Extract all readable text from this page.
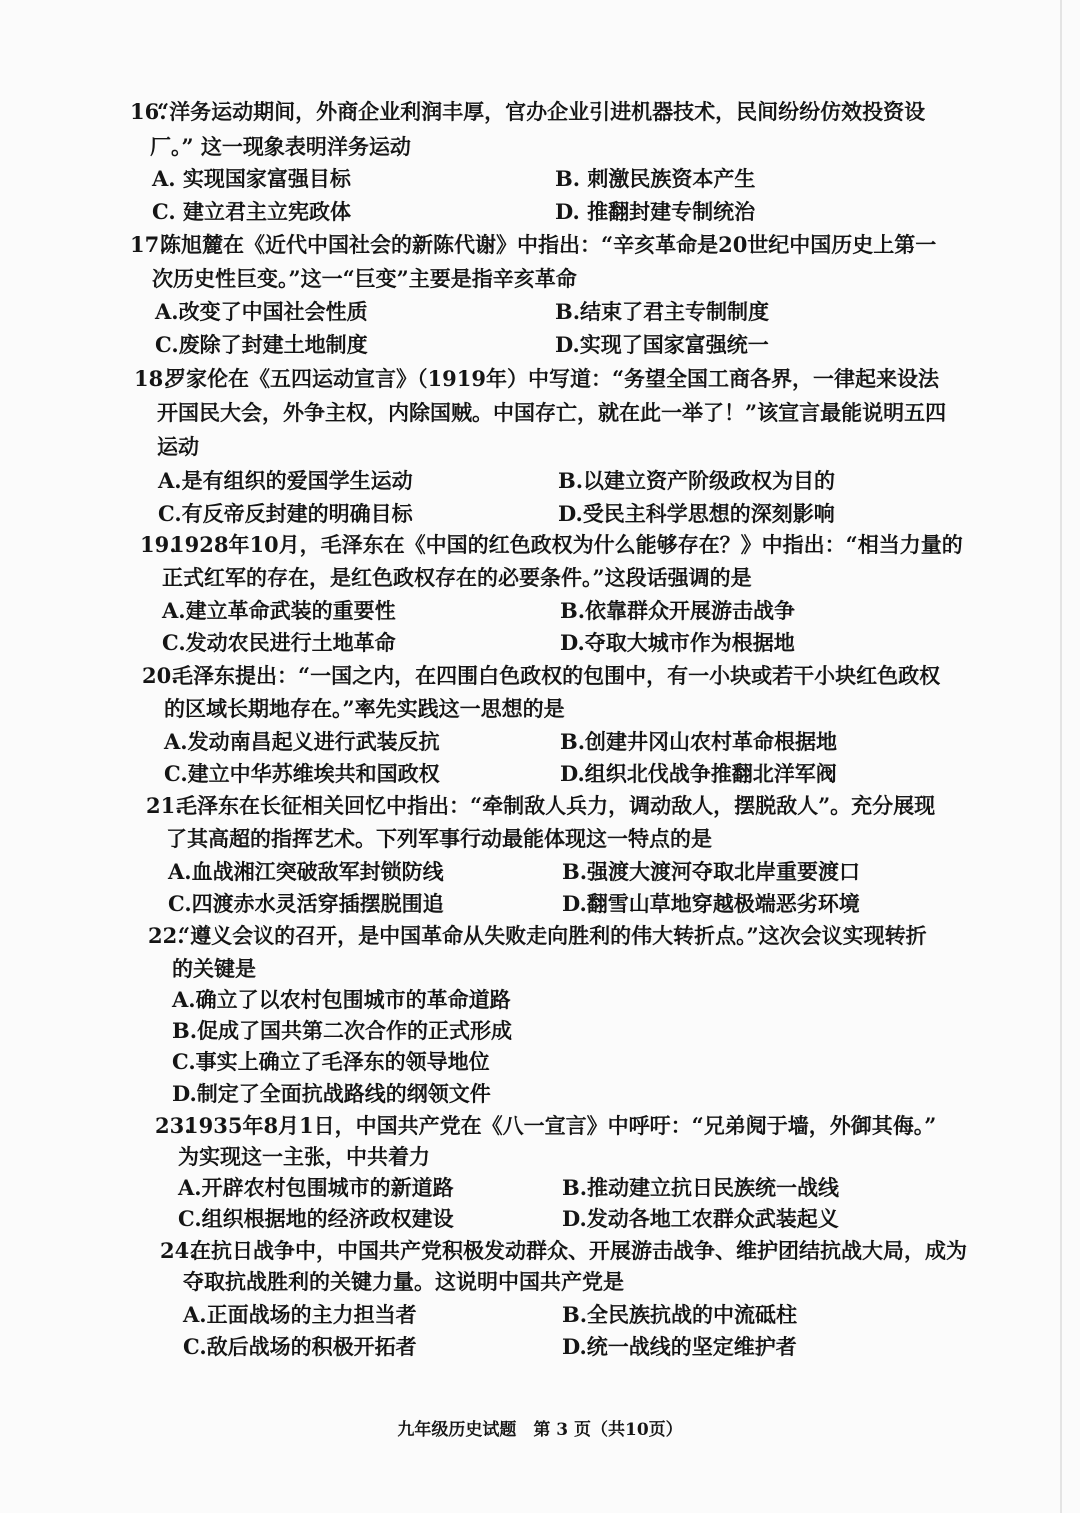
16.
“洋务运动期间，外商企业利润丰厚，官办企业引进机器技术，民间纷纷仿效投资设
厂。” 这一现象表明洋务运动
A. 实现国家富强目标	B. 刺激民族资本产生
C. 建立君主立宪政体	D. 推翻封建专制统治
17.
陈旭麓在《近代中国社会的新陈代谢》中指出：“辛亥革命是20世纪中国历史上第一
次历史性巨变。”这一“巨变”主要是指辛亥革命
A.改变了中国社会性质	B.结束了君主专制制度
C.废除了封建土地制度	D.实现了国家富强统一
18.
罗家伦在《五四运动宣言》（1919年）中写道：“务望全国工商各界，一律起来设法
开国民大会，外争主权，内除国贼。中国存亡，就在此一举了！”该宣言最能说明五四
运动
A.是有组织的爱国学生运动	B.以建立资产阶级政权为目的
C.有反帝反封建的明确目标	D.受民主科学思想的深刻影响
19.
1928年10月，毛泽东在《中国的红色政权为什么能够存在？》中指出：“相当力量的
正式红军的存在，是红色政权存在的必要条件。”这段话强调的是
A.建立革命武装的重要性	B.依靠群众开展游击战争
C.发动农民进行土地革命	D.夺取大城市作为根据地
20.
毛泽东提出：“一国之内，在四围白色政权的包围中，有一小块或若干小块红色政权
的区域长期地存在。”率先实践这一思想的是
A.发动南昌起义进行武装反抗	B.创建井冈山农村革命根据地
C.建立中华苏维埃共和国政权	D.组织北伐战争推翻北洋军阀
21.
毛泽东在长征相关回忆中指出：“牵制敌人兵力，调动敌人，摆脱敌人”。充分展现
了其高超的指挥艺术。下列军事行动最能体现这一特点的是
A.血战湘江突破敌军封锁防线	B.强渡大渡河夺取北岸重要渡口
C.四渡赤水灵活穿插摆脱围追	D.翻雪山草地穿越极端恶劣环境
22.
“遵义会议的召开，是中国革命从失败走向胜利的伟大转折点。”这次会议实现转折
的关键是
A.确立了以农村包围城市的革命道路
B.促成了国共第二次合作的正式形成
C.事实上确立了毛泽东的领导地位
D.制定了全面抗战路线的纲领文件
23.
1935年8月1日，中国共产党在《八一宣言》中呼吁：“兄弟阋于墙，外御其侮。”
为实现这一主张，中共着力
A.开辟农村包围城市的新道路	B.推动建立抗日民族统一战线
C.组织根据地的经济政权建设	D.发动各地工农群众武装起义
24.
在抗日战争中，中国共产党积极发动群众、开展游击战争、维护团结抗战大局，成为
夺取抗战胜利的关键力量。这说明中国共产党是
A.正面战场的主力担当者	B.全民族抗战的中流砥柱
C.敌后战场的积极开拓者	D.统一战线的坚定维护者
九年级历史试题　第 3 页（共10页）
